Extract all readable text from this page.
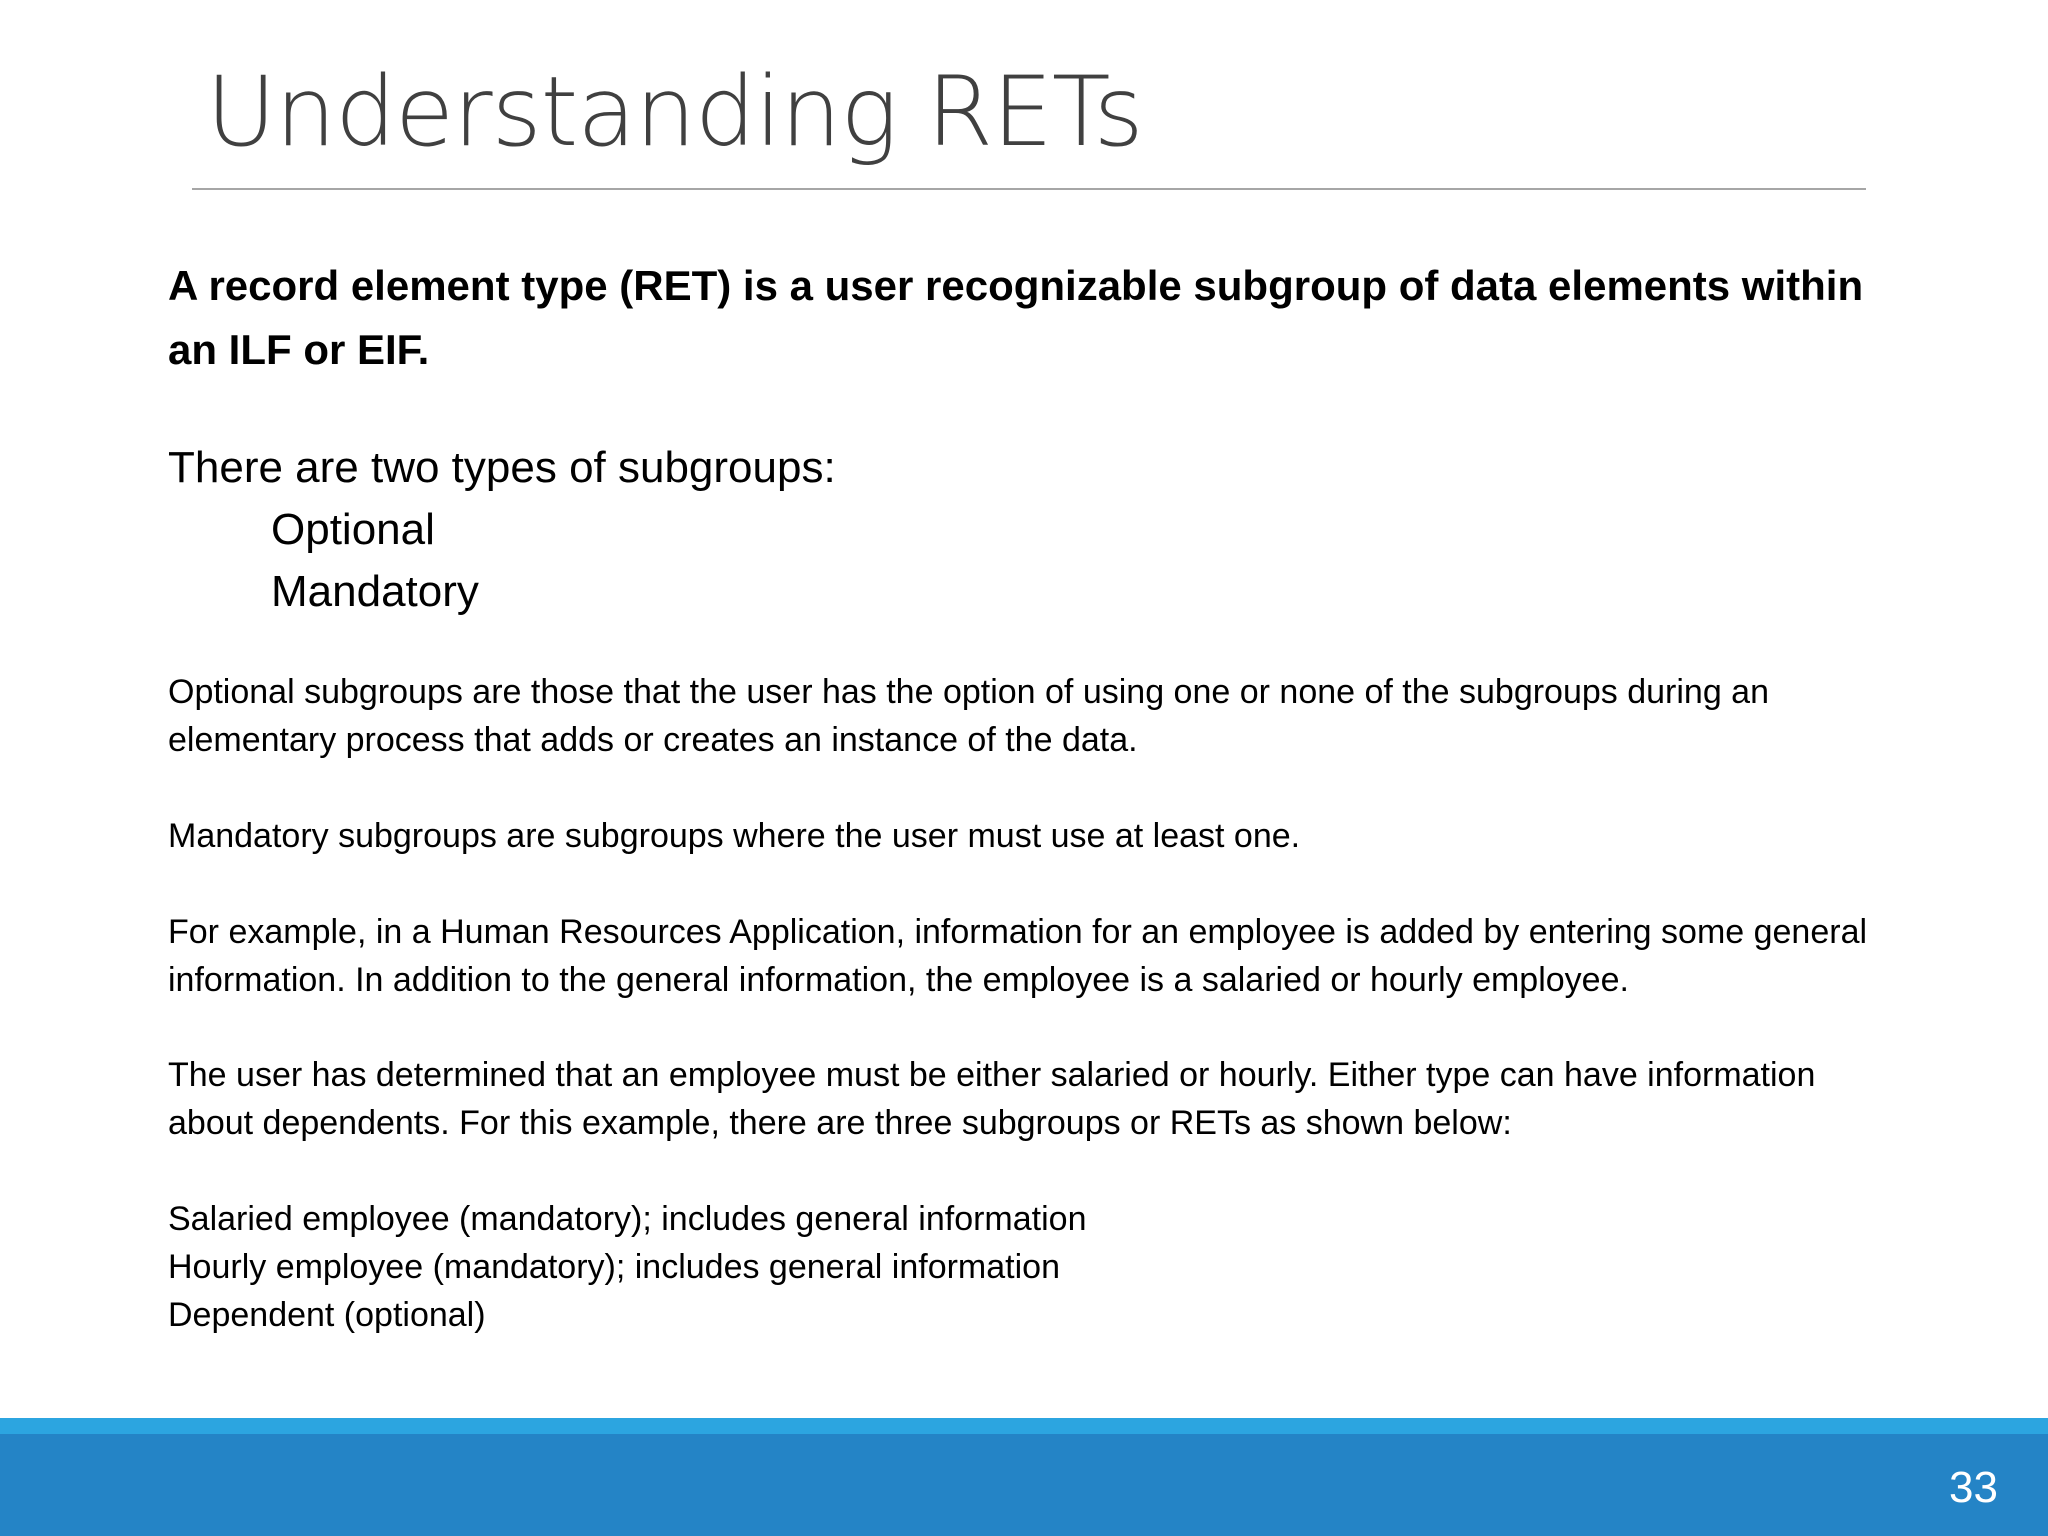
Understanding RETs

A record element type (RET) is a user recognizable subgroup of data elements within an ILF or EIF.

There are two types of subgroups:

Optional

Mandatory

Optional subgroups are those that the user has the option of using one or none of the subgroups during an elementary process that adds or creates an instance of the data.

Mandatory subgroups are subgroups where the user must use at least one.

For example, in a Human Resources Application, information for an employee is added by entering some general information. In addition to the general information, the employee is a salaried or hourly employee.

The user has determined that an employee must be either salaried or hourly. Either type can have information about dependents. For this example, there are three subgroups or RETs as shown below:

Salaried employee (mandatory); includes general information
Hourly employee (mandatory); includes general information
Dependent (optional)
33
